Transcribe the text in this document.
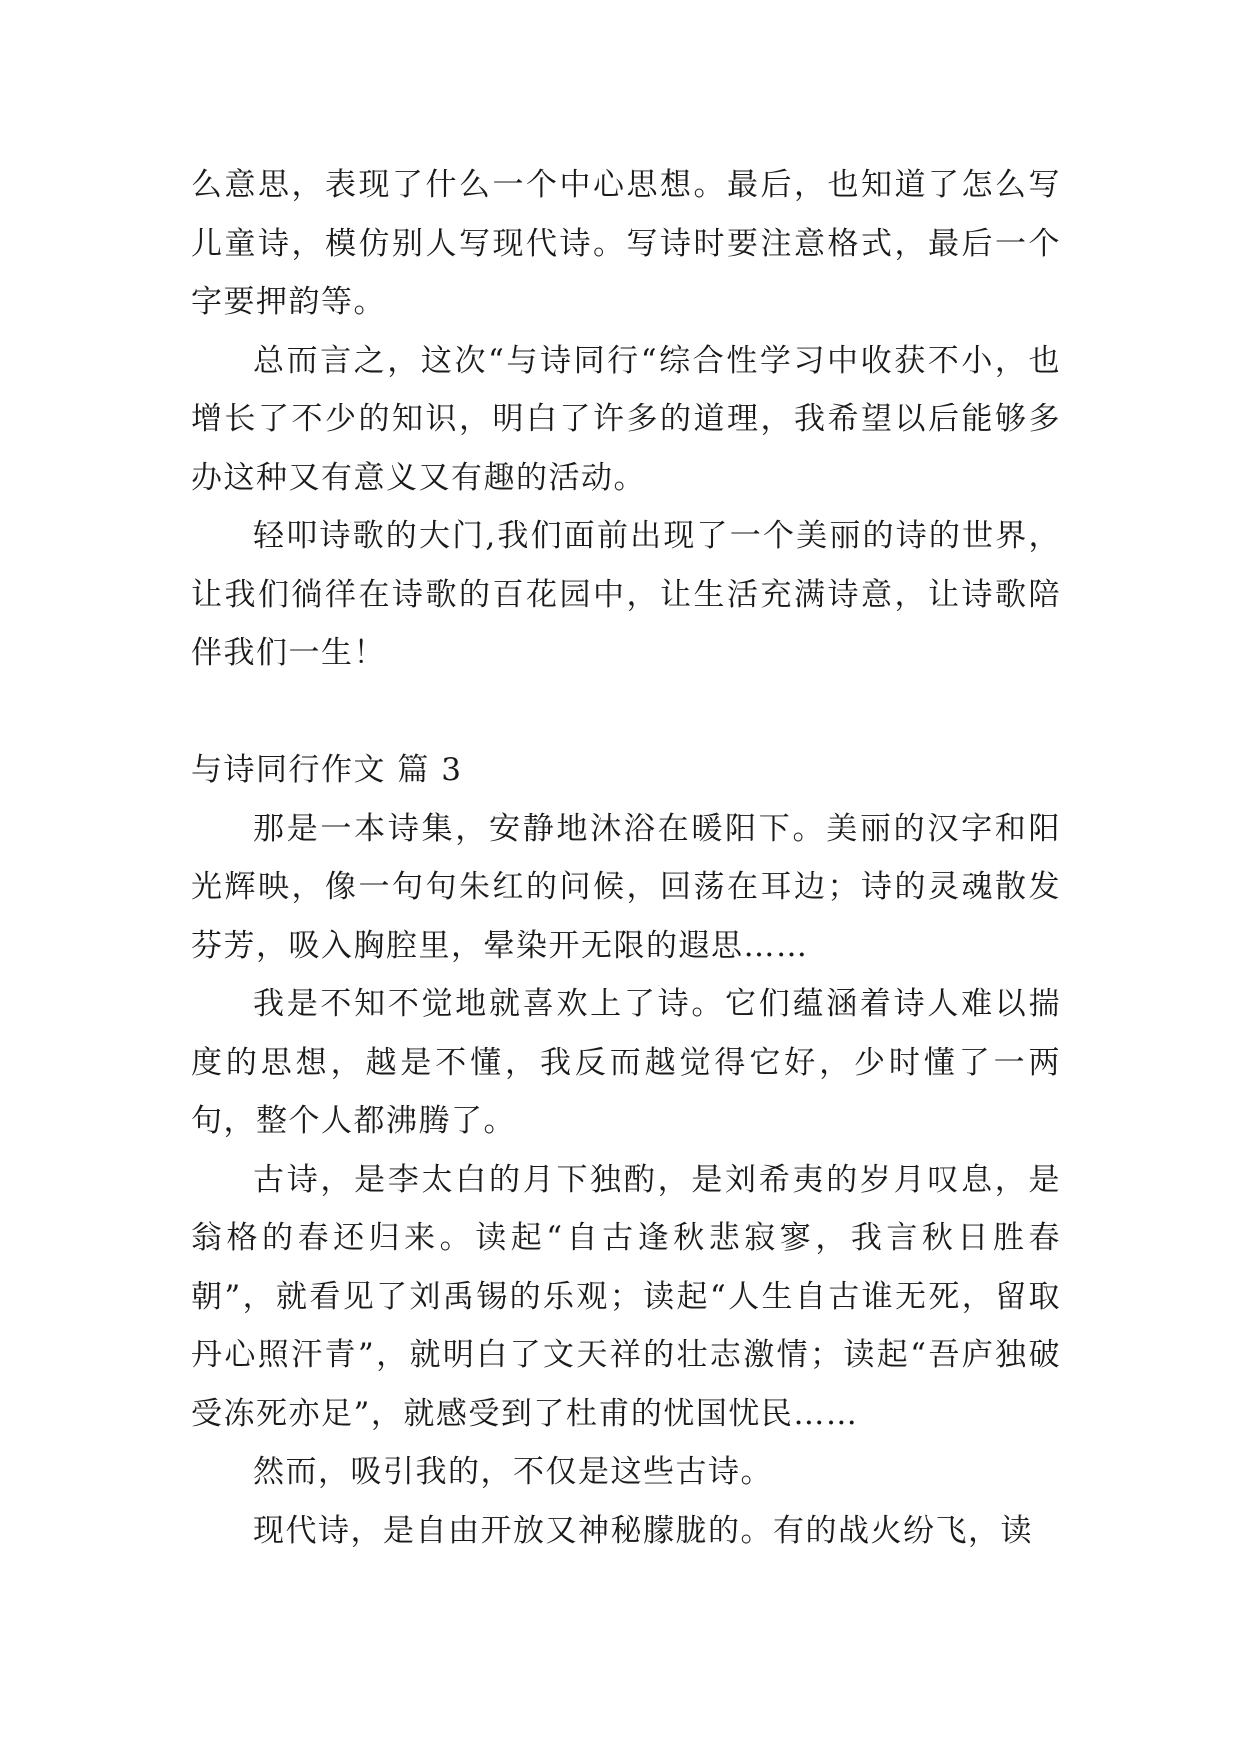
么意思，表现了什么一个中心思想。最后，也知道了怎么写儿童诗，模仿别人写现代诗。写诗时要注意格式，最后一个字要押韵等。

总而言之，这次“与诗同行“综合性学习中收获不小，也增长了不少的知识，明白了许多的道理，我希望以后能够多办这种又有意义又有趣的活动。

轻叩诗歌的大门,我们面前出现了一个美丽的诗的世界，让我们徜徉在诗歌的百花园中，让生活充满诗意，让诗歌陪伴我们一生！

与诗同行作文 篇 3

那是一本诗集，安静地沐浴在暖阳下。美丽的汉字和阳光辉映，像一句句朱红的问候，回荡在耳边；诗的灵魂散发芬芳，吸入胸腔里，晕染开无限的遐思……

我是不知不觉地就喜欢上了诗。它们蕴涵着诗人难以揣度的思想，越是不懂，我反而越觉得它好，少时懂了一两句，整个人都沸腾了。

古诗，是李太白的月下独酌，是刘希夷的岁月叹息，是翁格的春还归来。读起“自古逢秋悲寂寥，我言秋日胜春朝”，就看见了刘禹锡的乐观；读起“人生自古谁无死，留取丹心照汗青”，就明白了文天祥的壮志激情；读起“吾庐独破受冻死亦足”，就感受到了杜甫的忧国忧民……

然而，吸引我的，不仅是这些古诗。

现代诗，是自由开放又神秘朦胧的。有的战火纷飞，读
